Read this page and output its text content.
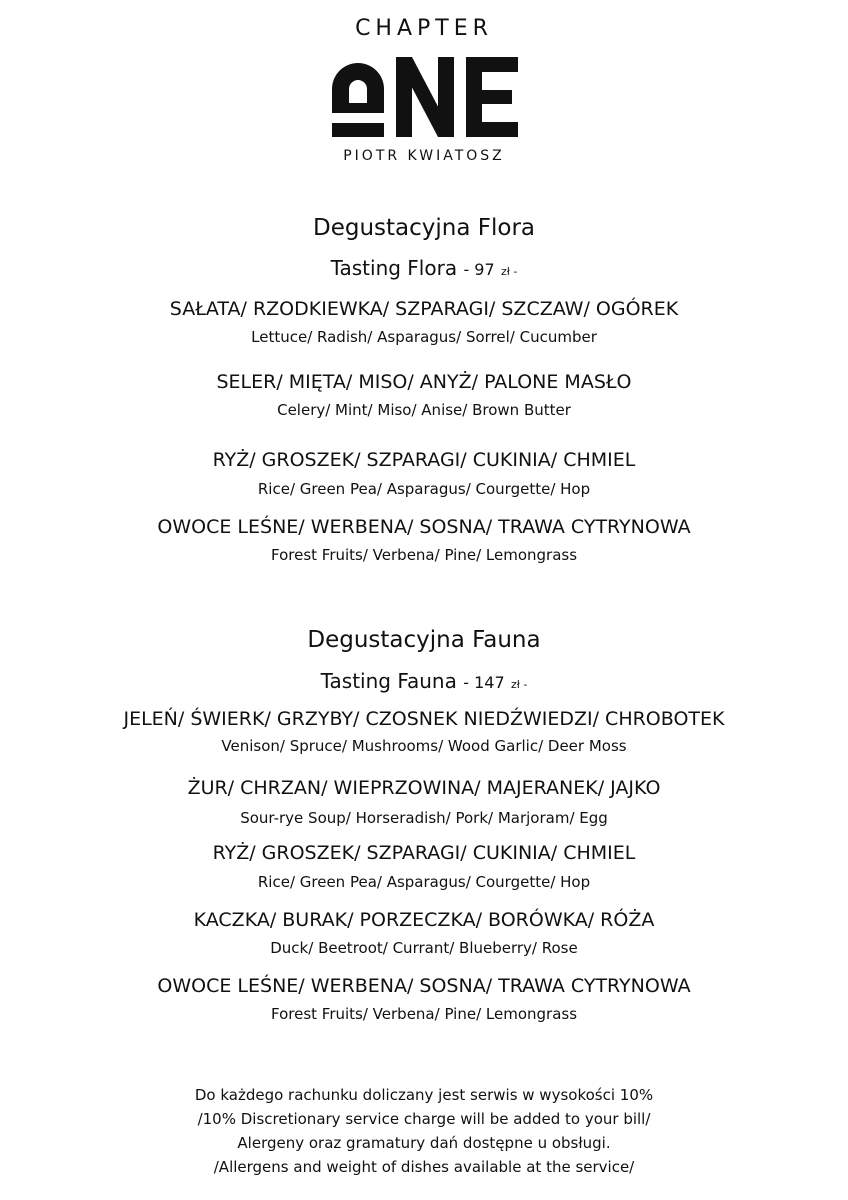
CHAPTER
PIOTR KWIATOSZ
Degustacyjna Flora
Tasting Flora - 97 zł -
SAŁATA/ RZODKIEWKA/ SZPARAGI/ SZCZAW/ OGÓREK
Lettuce/ Radish/ Asparagus/ Sorrel/ Cucumber
SELER/ MIĘTA/ MISO/ ANYŻ/ PALONE MASŁO
Celery/ Mint/ Miso/ Anise/ Brown Butter
RYŻ/ GROSZEK/ SZPARAGI/ CUKINIA/ CHMIEL
Rice/ Green Pea/ Asparagus/ Courgette/ Hop
OWOCE LEŚNE/ WERBENA/ SOSNA/ TRAWA CYTRYNOWA
Forest Fruits/ Verbena/ Pine/ Lemongrass
Degustacyjna Fauna
Tasting Fauna - 147 zł -
JELEŃ/ ŚWIERK/ GRZYBY/ CZOSNEK NIEDŹWIEDZI/ CHROBOTEK
Venison/ Spruce/ Mushrooms/ Wood Garlic/ Deer Moss
ŻUR/ CHRZAN/ WIEPRZOWINA/ MAJERANEK/ JAJKO
Sour-rye Soup/ Horseradish/ Pork/ Marjoram/ Egg
RYŻ/ GROSZEK/ SZPARAGI/ CUKINIA/ CHMIEL
Rice/ Green Pea/ Asparagus/ Courgette/ Hop
KACZKA/ BURAK/ PORZECZKA/ BORÓWKA/ RÓŻA
Duck/ Beetroot/ Currant/ Blueberry/ Rose
OWOCE LEŚNE/ WERBENA/ SOSNA/ TRAWA CYTRYNOWA
Forest Fruits/ Verbena/ Pine/ Lemongrass
Do każdego rachunku doliczany jest serwis w wysokości 10%
/10% Discretionary service charge will be added to your bill/
Alergeny oraz gramatury dań dostępne u obsługi.
/Allergens and weight of dishes available at the service/
